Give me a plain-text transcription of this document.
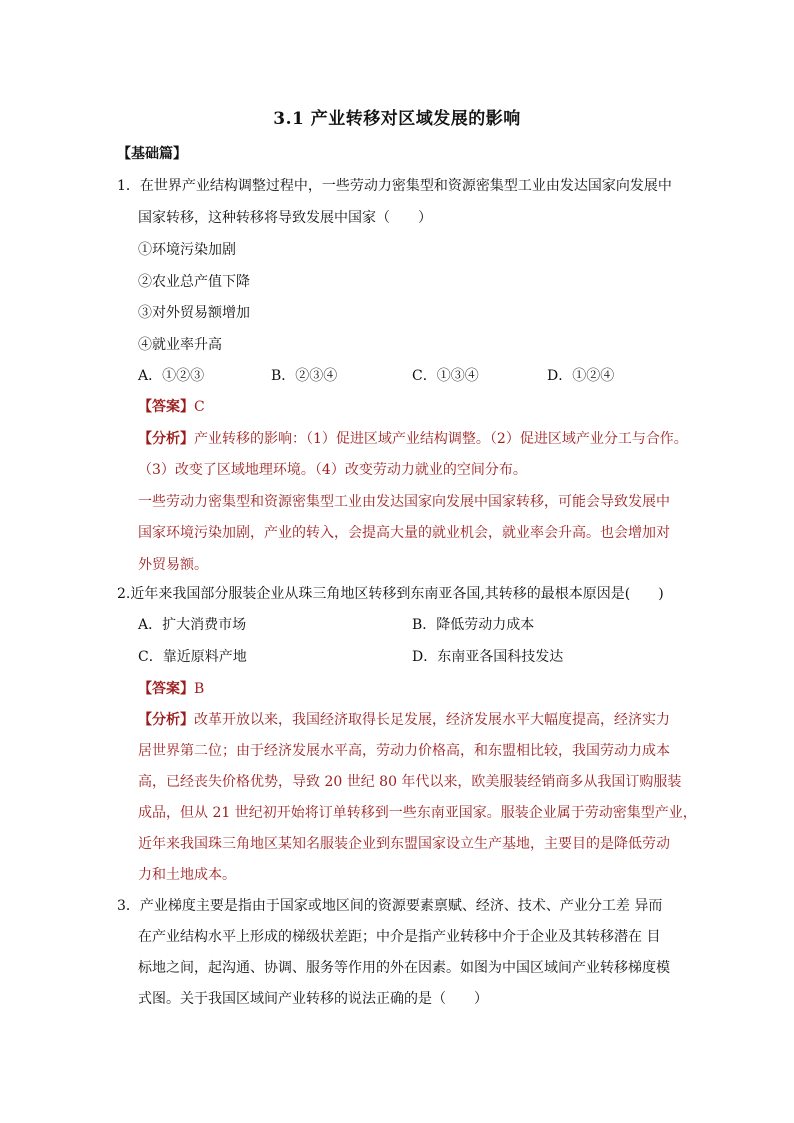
3.1 产业转移对区域发展的影响
【基础篇】
1．在世界产业结构调整过程中，一些劳动力密集型和资源密集型工业由发达国家向发展中
国家转移，这种转移将导致发展中国家（　　）
①环境污染加剧
②农业总产值下降
③对外贸易额增加
④就业率升高
A．①②③	B．②③④	C．①③④	D．①②④
【答案】C
【分析】产业转移的影响：（1）促进区域产业结构调整。（2）促进区域产业分工与合作。
（3）改变了区域地理环境。（4）改变劳动力就业的空间分布。
一些劳动力密集型和资源密集型工业由发达国家向发展中国家转移，可能会导致发展中
国家环境污染加剧，产业的转入，会提高大量的就业机会，就业率会升高。也会增加对
外贸易额。
2.近年来我国部分服装企业从珠三角地区转移到东南亚各国,其转移的最根本原因是(　　)
A．扩大消费市场	B．降低劳动力成本
C．靠近原料产地	D．东南亚各国科技发达
【答案】B
【分析】改革开放以来，我国经济取得长足发展，经济发展水平大幅度提高，经济实力
居世界第二位；由于经济发展水平高，劳动力价格高，和东盟相比较，我国劳动力成本
高，已经丧失价格优势，导致 20 世纪 80 年代以来，欧美服装经销商多从我国订购服装
成品，但从 21 世纪初开始将订单转移到一些东南亚国家。服装企业属于劳动密集型产业，
近年来我国珠三角地区某知名服装企业到东盟国家设立生产基地，主要目的是降低劳动
力和土地成本。
3．产业梯度主要是指由于国家或地区间的资源要素禀赋、经济、技术、产业分工差 异而
在产业结构水平上形成的梯级状差距；中介是指产业转移中介于企业及其转移潜在 目
标地之间，起沟通、协调、服务等作用的外在因素。如图为中国区域间产业转移梯度模
式图。关于我国区域间产业转移的说法正确的是（　　）
